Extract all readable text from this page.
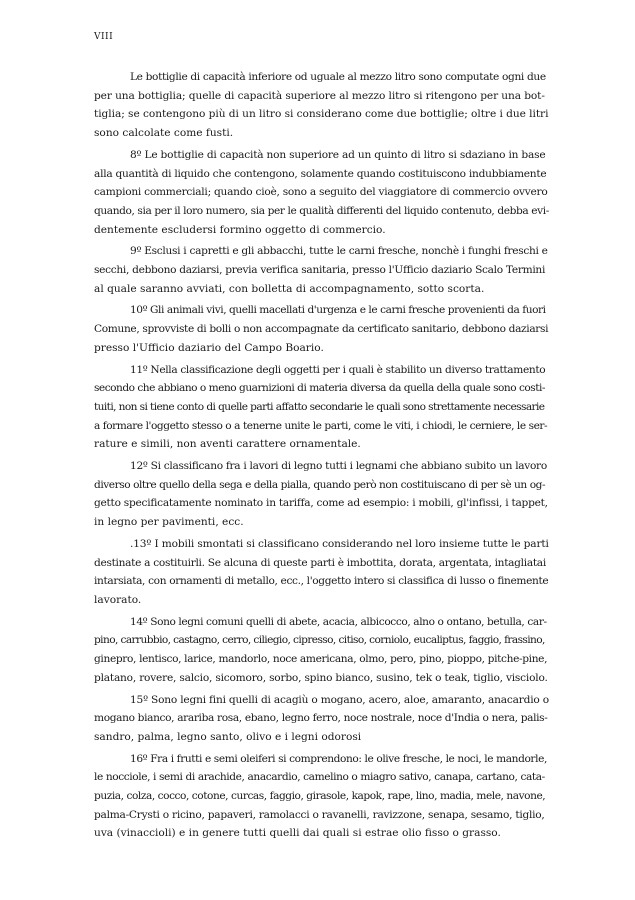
VIII
Le bottiglie di capacità inferiore od uguale al mezzo litro sono computate ogni due
per una bottiglia; quelle di capacità superiore al mezzo litro si ritengono per una bot-
tiglia; se contengono più di un litro si considerano come due bottiglie; oltre i due litri
sono calcolate come fusti.
8º Le bottiglie di capacità non superiore ad un quinto di litro si sdaziano in base
alla quantità di liquido che contengono, solamente quando costituiscono indubbiamente
campioni commerciali; quando cioè, sono a seguito del viaggiatore di commercio ovvero
quando, sia per il loro numero, sia per le qualità differenti del liquido contenuto, debba evi-
dentemente escludersi formino oggetto di commercio.
9º Esclusi i capretti e gli abbacchi, tutte le carni fresche, nonchè i funghi freschi e
secchi, debbono daziarsi, previa verifica sanitaria, presso l'Ufficio daziario Scalo Termini
al quale saranno avviati, con bolletta di accompagnamento, sotto scorta.
10º Gli animali vivi, quelli macellati d'urgenza e le carni fresche provenienti da fuori
Comune, sprovviste di bolli o non accompagnate da certificato sanitario, debbono daziarsi
presso l'Ufficio daziario del Campo Boario.
11º Nella classificazione degli oggetti per i quali è stabilito un diverso trattamento
secondo che abbiano o meno guarnizioni di materia diversa da quella della quale sono costi-
tuiti, non si tiene conto di quelle parti affatto secondarie le quali sono strettamente necessarie
a formare l'oggetto stesso o a tenerne unite le parti, come le viti, i chiodi, le cerniere, le ser-
rature e simili, non aventi carattere ornamentale.
12º Si classificano fra i lavori di legno tutti i legnami che abbiano subito un lavoro
diverso oltre quello della sega e della pialla, quando però non costituiscano di per sè un og-
getto specificatamente nominato in tariffa, come ad esempio: i mobili, gl'infissi, i tappet,
in legno per pavimenti, ecc.
.13º I mobili smontati si classificano considerando nel loro insieme tutte le parti
destinate a costituirli. Se alcuna di queste parti è imbottita, dorata, argentata, intagliatai
intarsiata, con ornamenti di metallo, ecc., l'oggetto intero si classifica di lusso o finemente
lavorato.
14º Sono legni comuni quelli di abete, acacia, albicocco, alno o ontano, betulla, car-
pino, carrubbio, castagno, cerro, ciliegio, cipresso, citiso, corniolo, eucaliptus, faggio, frassino,
ginepro, lentisco, larice, mandorlo, noce americana, olmo, pero, pino, pioppo, pitche-pine,
platano, rovere, salcio, sicomoro, sorbo, spino bianco, susino, tek o teak, tiglio, visciolo.
15º Sono legni fini quelli di acagiù o mogano, acero, aloe, amaranto, anacardio o
mogano bianco, arariba rosa, ebano, legno ferro, noce nostrale, noce d'India o nera, palis-
sandro, palma, legno santo, olivo e i legni odorosi
16º Fra i frutti e semi oleiferi si comprendono: le olive fresche, le noci, le mandorle,
le nocciole, i semi di arachide, anacardio, camelino o miagro sativo, canapa, cartano, cata-
puzia, colza, cocco, cotone, curcas, faggio, girasole, kapok, rape, lino, madia, mele, navone,
palma-Crysti o ricino, papaveri, ramolacci o ravanelli, ravizzone, senapa, sesamo, tiglio,
uva (vinaccioli) e in genere tutti quelli dai quali si estrae olio fisso o grasso.
